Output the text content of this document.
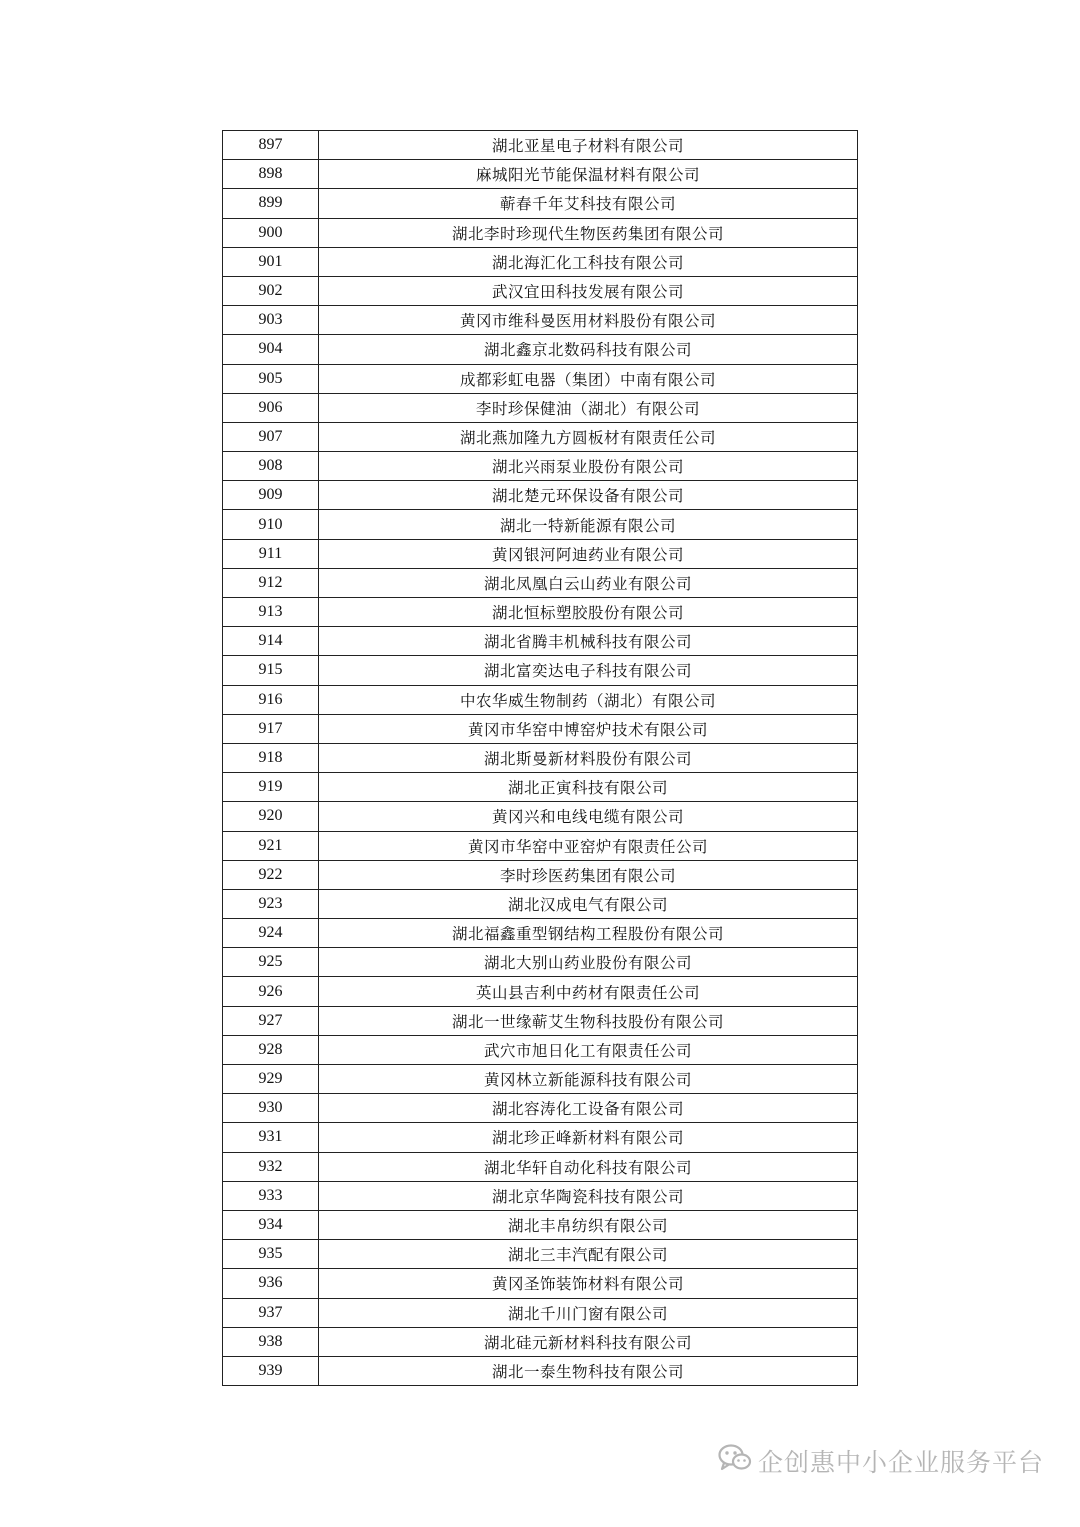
897	湖北亚星电子材料有限公司
898	麻城阳光节能保温材料有限公司
899	蕲春千年艾科技有限公司
900	湖北李时珍现代生物医药集团有限公司
901	湖北海汇化工科技有限公司
902	武汉宜田科技发展有限公司
903	黄冈市维科曼医用材料股份有限公司
904	湖北鑫京北数码科技有限公司
905	成都彩虹电器（集团）中南有限公司
906	李时珍保健油（湖北）有限公司
907	湖北燕加隆九方圆板材有限责任公司
908	湖北兴雨泵业股份有限公司
909	湖北楚元环保设备有限公司
910	湖北一特新能源有限公司
911	黄冈银河阿迪药业有限公司
912	湖北凤凰白云山药业有限公司
913	湖北恒标塑胶股份有限公司
914	湖北省腾丰机械科技有限公司
915	湖北富奕达电子科技有限公司
916	中农华威生物制药（湖北）有限公司
917	黄冈市华窑中博窑炉技术有限公司
918	湖北斯曼新材料股份有限公司
919	湖北正寅科技有限公司
920	黄冈兴和电线电缆有限公司
921	黄冈市华窑中亚窑炉有限责任公司
922	李时珍医药集团有限公司
923	湖北汉成电气有限公司
924	湖北福鑫重型钢结构工程股份有限公司
925	湖北大别山药业股份有限公司
926	英山县吉利中药材有限责任公司
927	湖北一世缘蕲艾生物科技股份有限公司
928	武穴市旭日化工有限责任公司
929	黄冈林立新能源科技有限公司
930	湖北容涛化工设备有限公司
931	湖北珍正峰新材料有限公司
932	湖北华轩自动化科技有限公司
933	湖北京华陶瓷科技有限公司
934	湖北丰帛纺织有限公司
935	湖北三丰汽配有限公司
936	黄冈圣饰装饰材料有限公司
937	湖北千川门窗有限公司
938	湖北硅元新材料科技有限公司
939	湖北一泰生物科技有限公司
企创惠中小企业服务平台
